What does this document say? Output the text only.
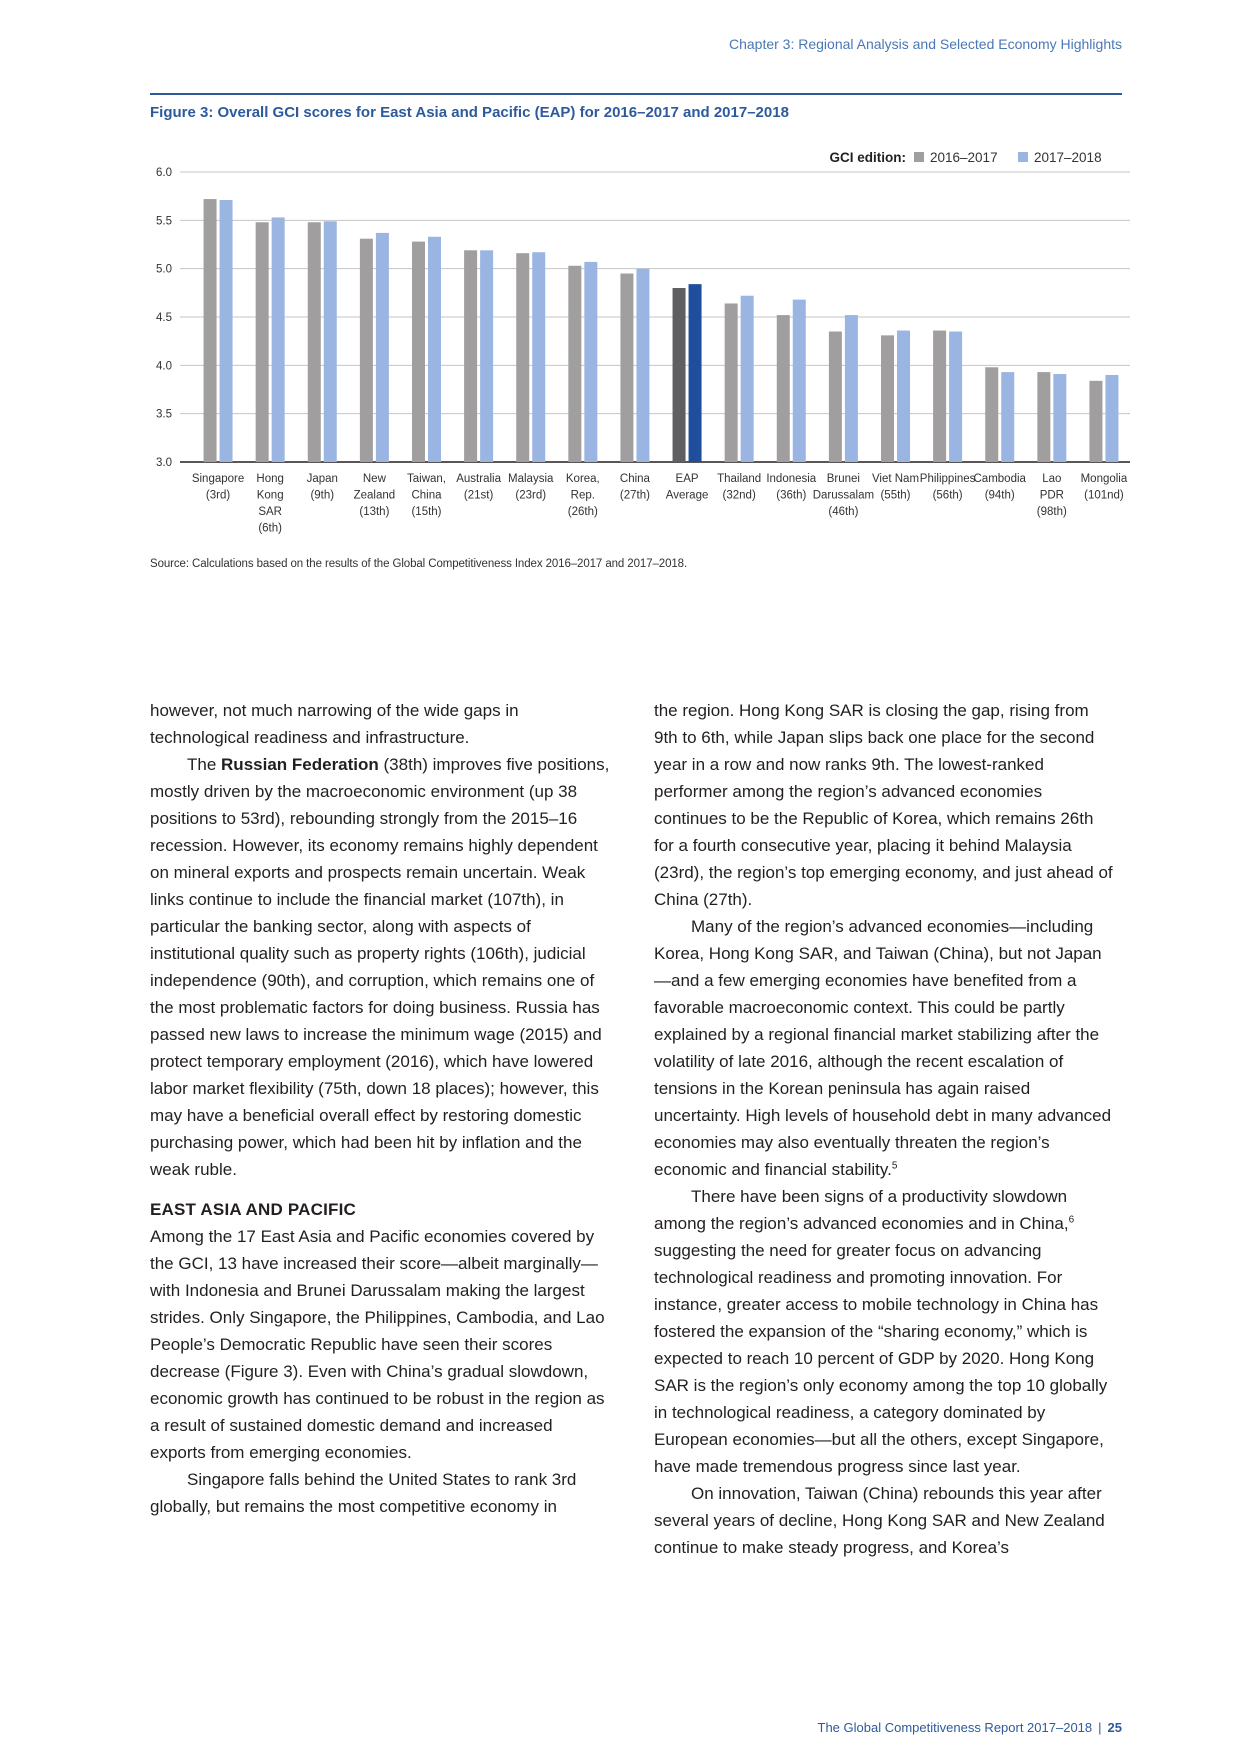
Chapter 3: Regional Analysis and Selected Economy Highlights
Figure 3: Overall GCI scores for East Asia and Pacific (EAP) for 2016–2017 and 2017–2018
3.0
3.5
4.0
4.5
5.0
5.5
6.0
Singapore (3rd)
Hong Kong SAR (6th)
Japan (9th)
New Zealand (13th)
Taiwan, China (15th)
Australia (21st)
Malaysia (23rd)
Korea, Rep. (26th)
China (27th)
EAP Average
Thailand (32nd)
Indonesia (36th)
Brunei Darussalam (46th)
Viet Nam (55th)
Philippines (56th)
Cambodia (94th)
Lao PDR (98th)
Mongolia (101nd)
GCI edition: 2016–2017	2017–2018
Source: Calculations based on the results of the Global Competitiveness Index 2016–2017 and 2017–2018.

however, not much narrowing of the wide gaps in technological readiness and infrastructure.

The Russian Federation (38th) improves five positions, mostly driven by the macroeconomic environment (up 38 positions to 53rd), rebounding strongly from the 2015–16 recession. However, its economy remains highly dependent on mineral exports and prospects remain uncertain. Weak links continue to include the financial market (107th), in particular the banking sector, along with aspects of institutional quality such as property rights (106th), judicial independence (90th), and corruption, which remains one of the most problematic factors for doing business. Russia has passed new laws to increase the minimum wage (2015) and protect temporary employment (2016), which have lowered labor market flexibility (75th, down 18 places); however, this may have a beneficial overall effect by restoring domestic purchasing power, which had been hit by inflation and the weak ruble.

EAST ASIA AND PACIFIC

Among the 17 East Asia and Pacific economies covered by the GCI, 13 have increased their score—albeit marginally—with Indonesia and Brunei Darussalam making the largest strides. Only Singapore, the Philippines, Cambodia, and Lao People’s Democratic Republic have seen their scores decrease (Figure 3). Even with China’s gradual slowdown, economic growth has continued to be robust in the region as a result of sustained domestic demand and increased exports from emerging economies.

Singapore falls behind the United States to rank 3rd globally, but remains the most competitive economy in

the region. Hong Kong SAR is closing the gap, rising from 9th to 6th, while Japan slips back one place for the second year in a row and now ranks 9th. The lowest-ranked performer among the region’s advanced economies continues to be the Republic of Korea, which remains 26th for a fourth consecutive year, placing it behind Malaysia (23rd), the region’s top emerging economy, and just ahead of China (27th).

Many of the region’s advanced economies—including Korea, Hong Kong SAR, and Taiwan (China), but not Japan—and a few emerging economies have benefited from a favorable macroeconomic context. This could be partly explained by a regional financial market stabilizing after the volatility of late 2016, although the recent escalation of tensions in the Korean peninsula has again raised uncertainty. High levels of household debt in many advanced economies may also eventually threaten the region’s economic and financial stability.$^5$

There have been signs of a productivity slowdown among the region’s advanced economies and in China,$^6$ suggesting the need for greater focus on advancing technological readiness and promoting innovation. For instance, greater access to mobile technology in China has fostered the expansion of the “sharing economy,” which is expected to reach 10 percent of GDP by 2020. Hong Kong SAR is the region’s only economy among the top 10 globally in technological readiness, a category dominated by European economies—but all the others, except Singapore, have made tremendous progress since last year.

On innovation, Taiwan (China) rebounds this year after several years of decline, Hong Kong SAR and New Zealand continue to make steady progress, and Korea’s

The Global Competitiveness Report 2017–2018 | 25
